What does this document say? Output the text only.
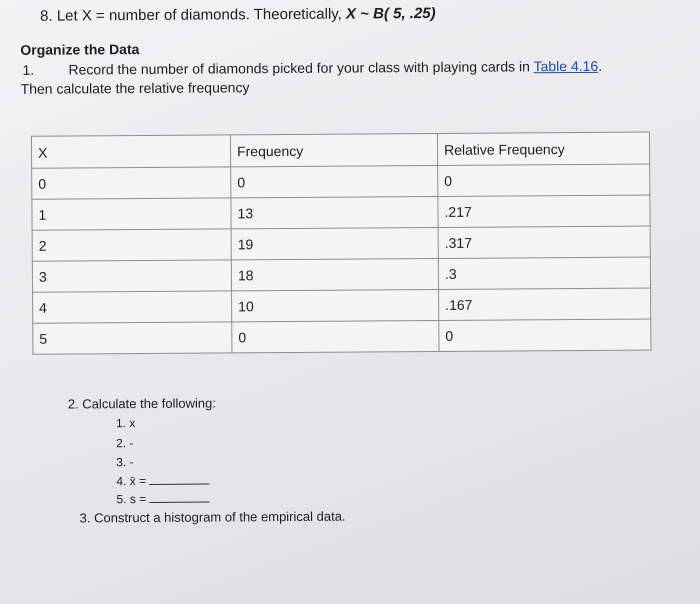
8. Let X = number of diamonds. Theoretically, X ~ B( 5, .25)
Organize the Data
1. Record the number of diamonds picked for your class with playing cards in Table 4.16.
Then calculate the relative frequency
X	Frequency	Relative Frequency
0	0	0
1	13	.217
2	19	.317
3	18	.3
4	10	.167
5	0	0
2. Calculate the following:
1. x
2. -
3. -
4. x̄ =
5. s =
3. Construct a histogram of the empirical data.
